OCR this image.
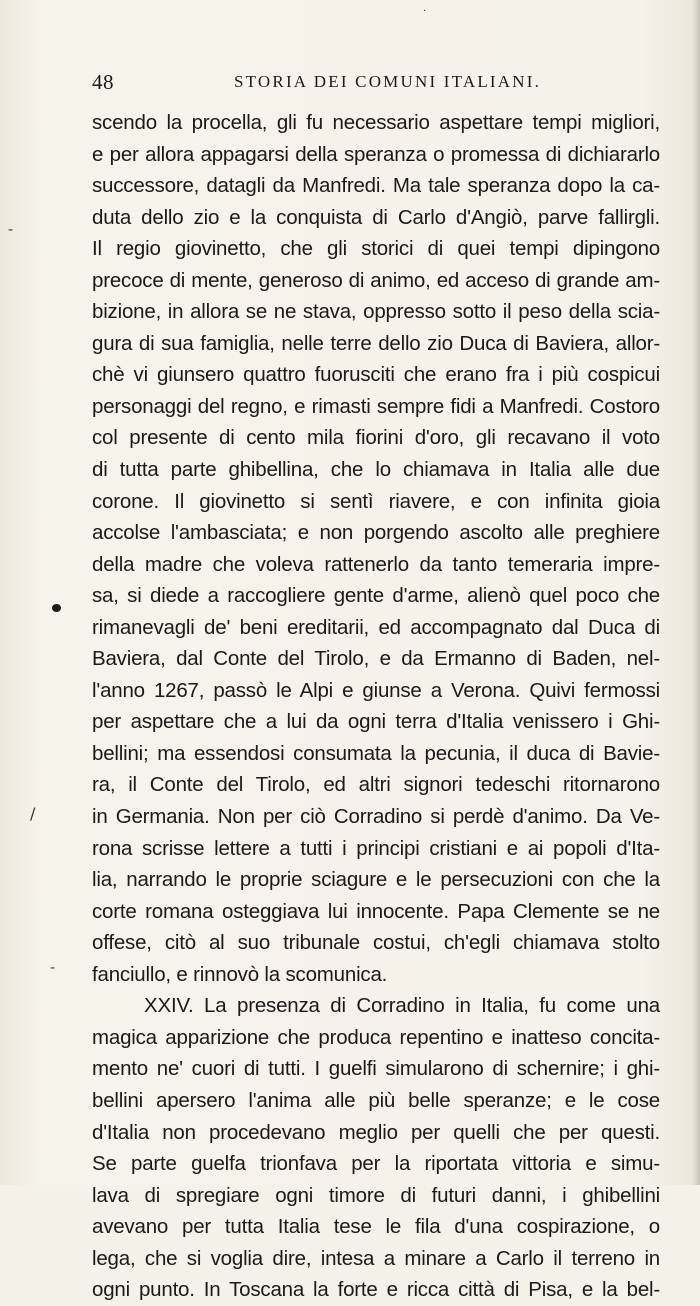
·
-
/
-
48	STORIA DEI COMUNI ITALIANI.
scendo la procella, gli fu necessario aspettare tempi migliori,
e per allora appagarsi della speranza o promessa di dichiararlo
successore, datagli da Manfredi. Ma tale speranza dopo la ca-
duta dello zio e la conquista di Carlo d'Angiò, parve fallirgli.
Il regio giovinetto, che gli storici di quei tempi dipingono
precoce di mente, generoso di animo, ed acceso di grande am-
bizione, in allora se ne stava, oppresso sotto il peso della scia-
gura di sua famiglia, nelle terre dello zio Duca di Baviera, allor-
chè vi giunsero quattro fuorusciti che erano fra i più cospicui
personaggi del regno, e rimasti sempre fidi a Manfredi. Costoro
col presente di cento mila fiorini d'oro, gli recavano il voto
di tutta parte ghibellina, che lo chiamava in Italia alle due
corone. Il giovinetto si sentì riavere, e con infinita gioia
accolse l'ambasciata; e non porgendo ascolto alle preghiere
della madre che voleva rattenerlo da tanto temeraria impre-
sa, si diede a raccogliere gente d'arme, alienò quel poco che
rimanevagli de' beni ereditarii, ed accompagnato dal Duca di
Baviera, dal Conte del Tirolo, e da Ermanno di Baden, nel-
l'anno 1267, passò le Alpi e giunse a Verona. Quivi fermossi
per aspettare che a lui da ogni terra d'Italia venissero i Ghi-
bellini; ma essendosi consumata la pecunia, il duca di Bavie-
ra, il Conte del Tirolo, ed altri signori tedeschi ritornarono
in Germania. Non per ciò Corradino si perdè d'animo. Da Ve-
rona scrisse lettere a tutti i principi cristiani e ai popoli d'Ita-
lia, narrando le proprie sciagure e le persecuzioni con che la
corte romana osteggiava lui innocente. Papa Clemente se ne
offese, citò al suo tribunale costui, ch'egli chiamava stolto
fanciullo, e rinnovò la scomunica.
XXIV. La presenza di Corradino in Italia, fu come una
magica apparizione che produca repentino e inatteso concita-
mento ne' cuori di tutti. I guelfi simularono di schernire; i ghi-
bellini apersero l'anima alle più belle speranze; e le cose
d'Italia non procedevano meglio per quelli che per questi.
Se parte guelfa trionfava per la riportata vittoria e simu-
lava di spregiare ogni timore di futuri danni, i ghibellini
avevano per tutta Italia tese le fila d'una cospirazione, o
lega, che si voglia dire, intesa a minare a Carlo il terreno in
ogni punto. In Toscana la forte e ricca città di Pisa, e la bel-
